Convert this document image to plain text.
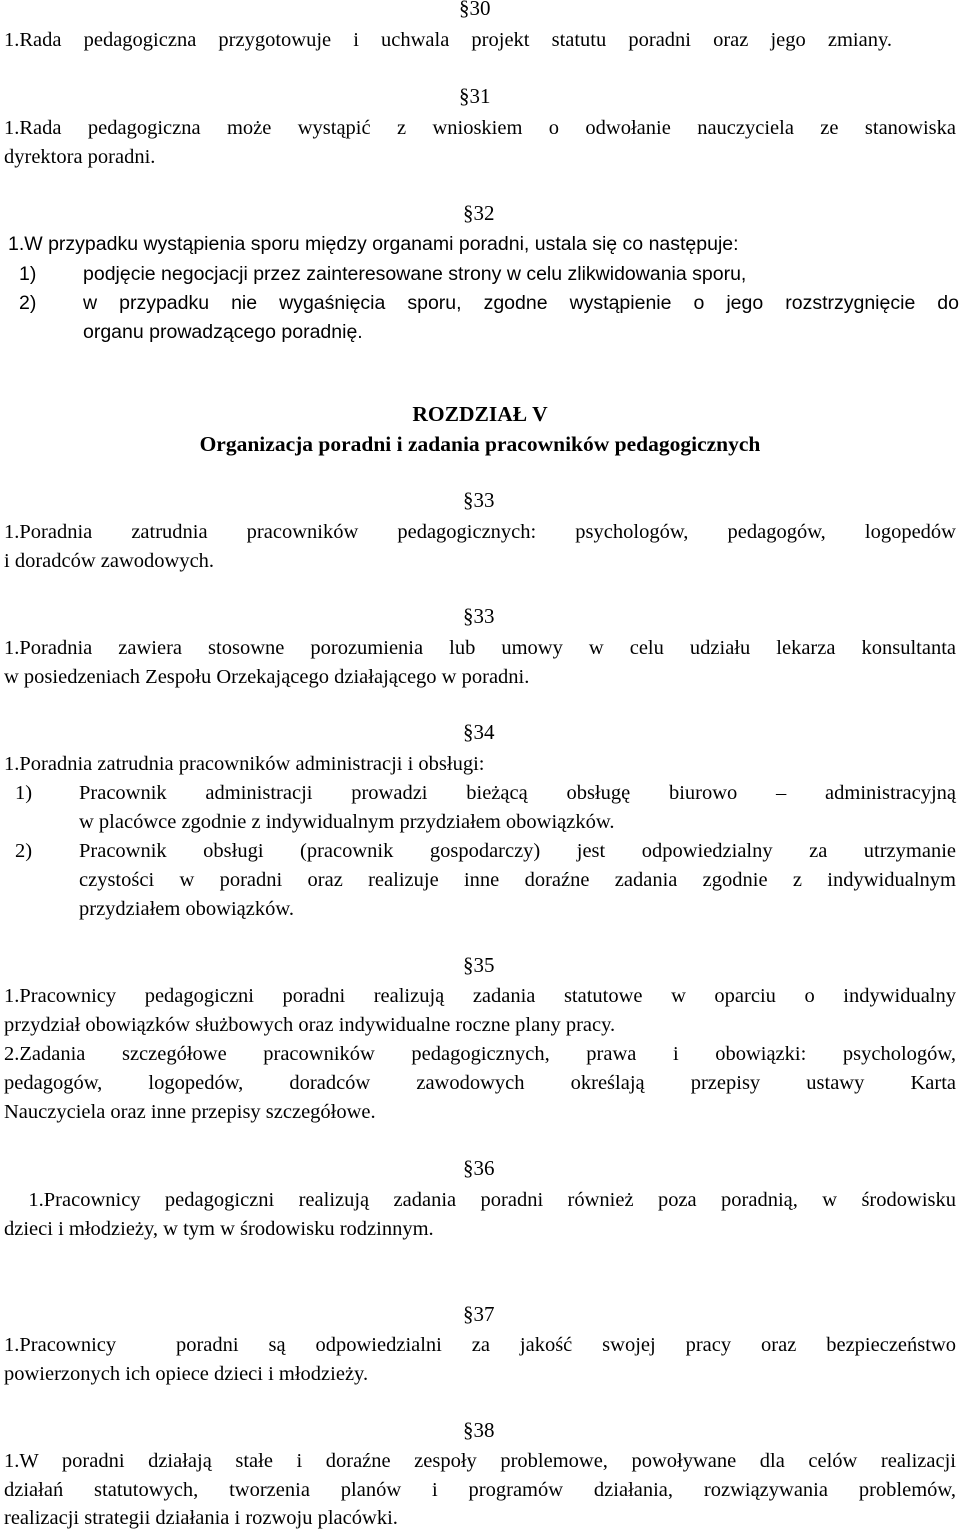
§30

1.Rada pedagogiczna przygotowuje i uchwala projekt statutu poradni oraz jego zmiany.

§31

1.Rada pedagogiczna może wystąpić z wnioskiem o odwołanie nauczyciela ze stanowiska

dyrektora poradni.

§32

1.W przypadku wystąpienia sporu między organami poradni, ustala się co następuje:

1) podjęcie negocjacji przez zainteresowane strony w celu zlikwidowania sporu,
2) w przypadku nie wygaśnięcia sporu, zgodne wystąpienie o jego rozstrzygnięcie do
organu prowadzącego poradnię.

ROZDZIAŁ V

Organizacja poradni i zadania pracowników pedagogicznych

§33

1.Poradnia zatrudnia pracowników pedagogicznych: psychologów, pedagogów, logopedów

i doradców zawodowych.

§33

1.Poradnia zawiera stosowne porozumienia lub umowy w celu udziału lekarza konsultanta

w posiedzeniach Zespołu Orzekającego działającego w poradni.

§34

1.Poradnia zatrudnia pracowników administracji i obsługi:

1) Pracownik administracji prowadzi bieżącą obsługę biurowo – administracyjną
w placówce zgodnie z indywidualnym przydziałem obowiązków.
2) Pracownik obsługi (pracownik gospodarczy) jest odpowiedzialny za utrzymanie
czystości w poradni oraz realizuje inne doraźne zadania zgodnie z indywidualnym
przydziałem obowiązków.

§35

1.Pracownicy pedagogiczni poradni realizują zadania statutowe w oparciu o indywidualny

przydział obowiązków służbowych oraz indywidualne roczne plany pracy.

2.Zadania szczegółowe pracowników pedagogicznych, prawa i obowiązki: psychologów,

pedagogów, logopedów, doradców zawodowych określają przepisy ustawy Karta

Nauczyciela oraz inne przepisy szczegółowe.

§36

1.Pracownicy pedagogiczni realizują zadania poradni również poza poradnią, w środowisku

dzieci i młodzieży, w tym w środowisku rodzinnym.

§37

1.Pracownicy  poradni są odpowiedzialni za jakość swojej pracy oraz bezpieczeństwo

powierzonych ich opiece dzieci i młodzieży.

§38

1.W poradni działają stałe i doraźne zespoły problemowe, powoływane dla celów realizacji

działań statutowych, tworzenia planów i programów działania, rozwiązywania problemów,

realizacji strategii działania i rozwoju placówki.
